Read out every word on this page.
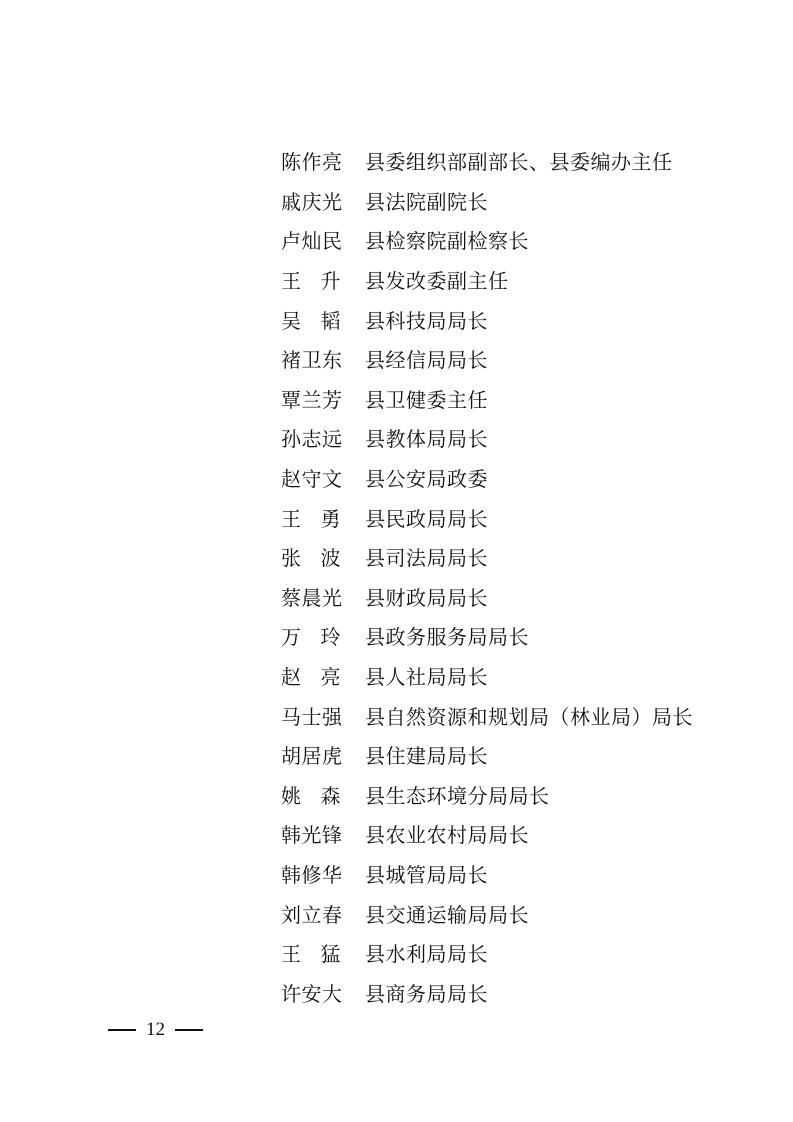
陈 作 亮 县委组织部副部长、县委编办主任
戚 庆 光 县法院副院长
卢 灿 民 县检察院副检察长
王 升 县发改委副主任
吴 韬 县科技局局长
褚 卫 东 县经信局局长
覃 兰 芳 县卫健委主任
孙 志 远 县教体局局长
赵 守 文 县公安局政委
王 勇 县民政局局长
张 波 县司法局局长
蔡 晨 光 县财政局局长
万 玲 县政务服务局局长
赵 亮 县人社局局长
马 士 强 县自然资源和规划局（林业局）局长
胡 居 虎 县住建局局长
姚 森 县生态环境分局局长
韩 光 锋 县农业农村局局长
韩 修 华 县城管局局长
刘 立 春 县交通运输局局长
王 猛 县水利局局长
许 安 大 县商务局局长
12
